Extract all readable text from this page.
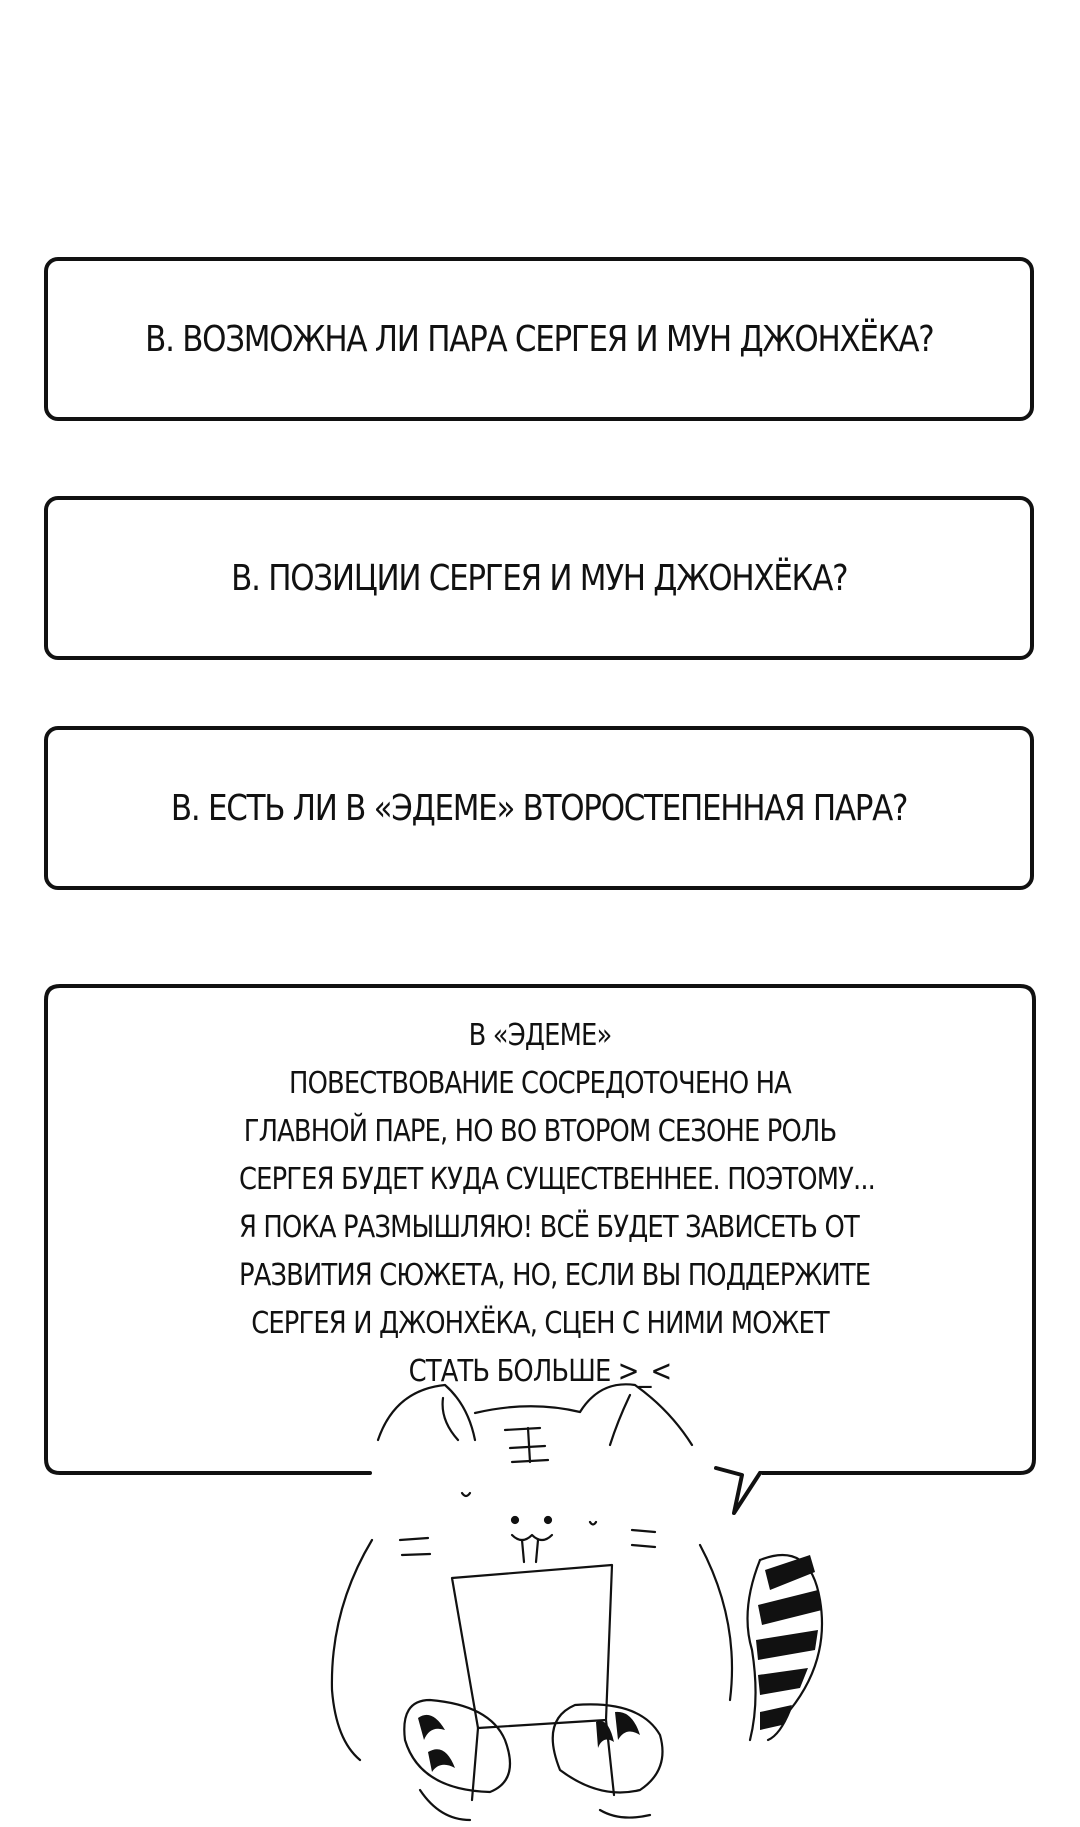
В. ВОЗМОЖНА ЛИ ПАРА СЕРГЕЯ И МУН ДЖОНХЁКА?
В. ПОЗИЦИИ СЕРГЕЯ И МУН ДЖОНХЁКА?
В. ЕСТЬ ЛИ В «ЭДЕМЕ» ВТОРОСТЕПЕННАЯ ПАРА?
В «ЭДЕМЕ»
ПОВЕСТВОВАНИЕ СОСРЕДОТОЧЕНО НА
ГЛАВНОЙ ПАРЕ, НО ВО ВТОРОМ СЕЗОНЕ РОЛЬ
СЕРГЕЯ БУДЕТ КУДА СУЩЕСТВЕННЕЕ. ПОЭТОМУ...
Я ПОКА РАЗМЫШЛЯЮ! ВСЁ БУДЕТ ЗАВИСЕТЬ ОТ
РАЗВИТИЯ СЮЖЕТА, НО, ЕСЛИ ВЫ ПОДДЕРЖИТЕ
СЕРГЕЯ И ДЖОНХЁКА, СЦЕН С НИМИ МОЖЕТ
СТАТЬ БОЛЬШЕ >_<
